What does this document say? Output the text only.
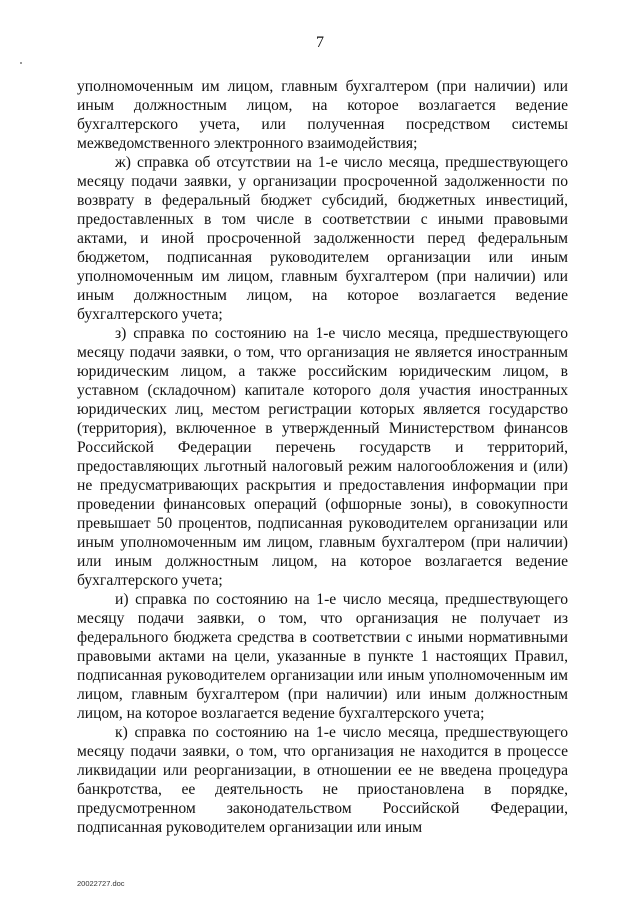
7

уполномоченным им лицом, главным бухгалтером (при наличии) или иным должностным лицом, на которое возлагается ведение бухгалтерского учета, или полученная посредством системы межведомственного электронного взаимодействия;

ж) справка об отсутствии на 1-е число месяца, предшествующего месяцу подачи заявки, у организации просроченной задолженности по возврату в федеральный бюджет субсидий, бюджетных инвестиций, предоставленных в том числе в соответствии с иными правовыми актами, и иной просроченной задолженности перед федеральным бюджетом, подписанная руководителем организации или иным уполномоченным им лицом, главным бухгалтером (при наличии) или иным должностным лицом, на которое возлагается ведение бухгалтерского учета;

з) справка по состоянию на 1-е число месяца, предшествующего месяцу подачи заявки, о том, что организация не является иностранным юридическим лицом, а также российским юридическим лицом, в уставном (складочном) капитале которого доля участия иностранных юридических лиц, местом регистрации которых является государство (территория), включенное в утвержденный Министерством финансов Российской Федерации перечень государств и территорий, предоставляющих льготный налоговый режим налогообложения и (или) не предусматривающих раскрытия и предоставления информации при проведении финансовых операций (офшорные зоны), в совокупности превышает 50 процентов, подписанная руководителем организации или иным уполномоченным им лицом, главным бухгалтером (при наличии) или иным должностным лицом, на которое возлагается ведение бухгалтерского учета;

и) справка по состоянию на 1-е число месяца, предшествующего месяцу подачи заявки, о том, что организация не получает из федерального бюджета средства в соответствии с иными нормативными правовыми актами на цели, указанные в пункте 1 настоящих Правил, подписанная руководителем организации или иным уполномоченным им лицом, главным бухгалтером (при наличии) или иным должностным лицом, на которое возлагается ведение бухгалтерского учета;

к) справка по состоянию на 1-е число месяца, предшествующего месяцу подачи заявки, о том, что организация не находится в процессе ликвидации или реорганизации, в отношении ее не введена процедура банкротства, ее деятельность не приостановлена в порядке, предусмотренном законодательством Российской Федерации, подписанная руководителем организации или иным

20022727.doc
